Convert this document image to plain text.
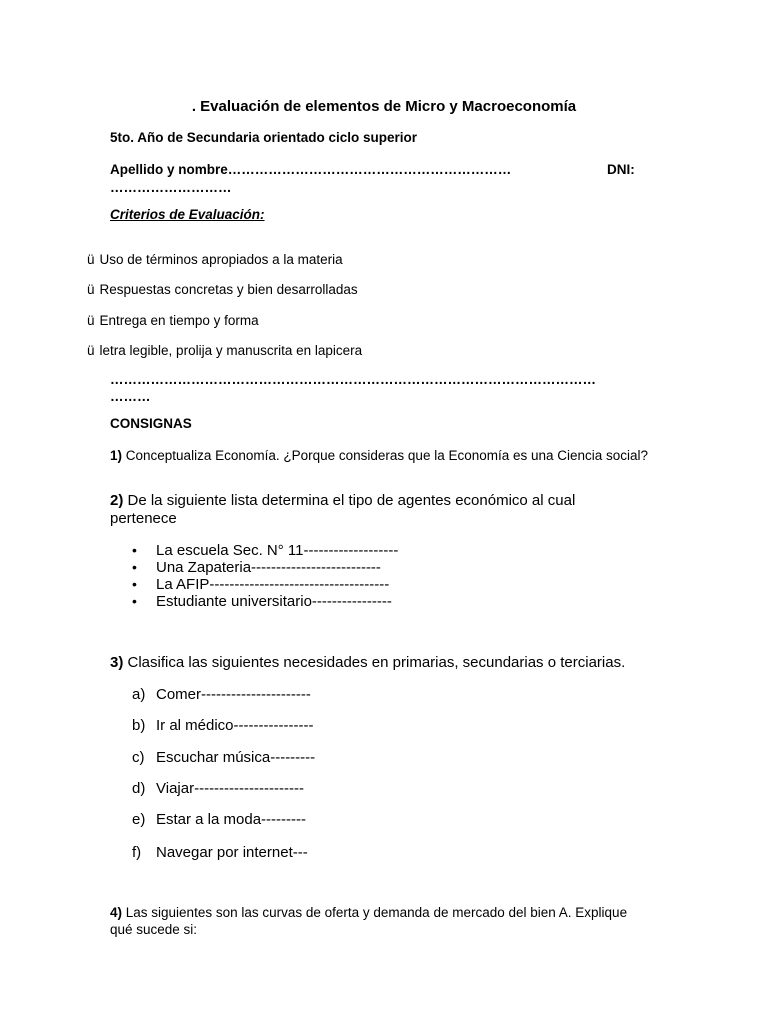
. Evaluación de elementos de Micro y Macroeconomía
5to. Año de Secundaria orientado ciclo superior
Apellido y nombre………………………………………………………	DNI:
………………………
Criterios de Evaluación:
ü Uso de términos apropiados a la materia
ü Respuestas concretas y bien desarrolladas
ü Entrega en tiempo y forma
ü letra legible, prolija y manuscrita en lapicera
………………………………………………………………………………………………
………
CONSIGNAS
1) Conceptualiza Economía. ¿Porque consideras que la Economía es una Ciencia social?
2) De la siguiente lista determina el tipo de agentes económico al cual pertenece
• La escuela Sec. N° 11-------------------
• Una Zapateria--------------------------
• La AFIP------------------------------------
• Estudiante universitario----------------
3) Clasifica las siguientes necesidades en primarias, secundarias o terciarias.
a) Comer----------------------
b) Ir al médico----------------
c) Escuchar música---------
d) Viajar----------------------
e) Estar a la moda---------
f) Navegar por internet---
4) Las siguientes son las curvas de oferta y demanda de mercado del bien A. Explique qué sucede si:
